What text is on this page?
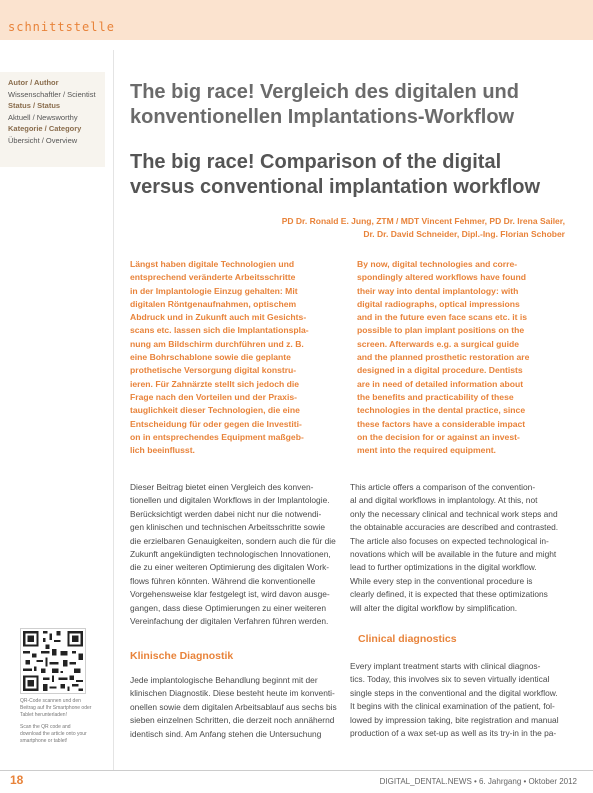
schnittstelle
Autor / Author
Wissenschaftler / Scientist
Status / Status
Aktuell / Newsworthy
Kategorie / Category
Übersicht / Overview
The big race! Vergleich des digitalen und
konventionellen Implantations-Workflow
The big race! Comparison of the digital
versus conventional implantation workflow
PD Dr. Ronald E. Jung, ZTM / MDT Vincent Fehmer, PD Dr. Irena Sailer,
Dr. Dr. David Schneider, Dipl.-Ing. Florian Schober
Längst haben digitale Technologien und
entsprechend veränderte Arbeitsschritte
in der Implantologie Einzug gehalten: Mit
digitalen Röntgenaufnahmen, optischem
Abdruck und in Zukunft auch mit Gesichts-
scans etc. lassen sich die Implantationspla-
nung am Bildschirm durchführen und z. B.
eine Bohrschablone sowie die geplante
prothetische Versorgung digital konstru-
ieren. Für Zahnärzte stellt sich jedoch die
Frage nach den Vorteilen und der Praxis-
tauglichkeit dieser Technologien, die eine
Entscheidung für oder gegen die Investiti-
on in entsprechendes Equipment maßgeb-
lich beeinflusst.
By now, digital technologies and corre-
spondingly altered workflows have found
their way into dental implantology: with
digital radiographs, optical impressions
and in the future even face scans etc. it is
possible to plan implant positions on the
screen. Afterwards e.g. a surgical guide
and the planned prosthetic restoration are
designed in a digital procedure. Dentists
are in need of detailed information about
the benefits and practicability of these
technologies in the dental practice, since
these factors have a considerable impact
on the decision for or against an invest-
ment into the required equipment.
Dieser Beitrag bietet einen Vergleich des konven-
tionellen und digitalen Workflows in der Implantologie.
Berücksichtigt werden dabei nicht nur die notwendi-
gen klinischen und technischen Arbeitsschritte sowie
die erzielbaren Genauigkeiten, sondern auch die für die
Zukunft angekündigten technologischen Innovationen,
die zu einer weiteren Optimierung des digitalen Work-
flows führen könnten. Während die konventionelle
Vorgehensweise klar festgelegt ist, wird davon ausge-
gangen, dass diese Optimierungen zu einer weiteren
Vereinfachung der digitalen Verfahren führen werden.
Klinische Diagnostik
Jede implantologische Behandlung beginnt mit der
klinischen Diagnostik. Diese besteht heute im konventi-
onellen sowie dem digitalen Arbeitsablauf aus sechs bis
sieben einzelnen Schritten, die derzeit noch annähernd
identisch sind. Am Anfang stehen die Untersuchung
This article offers a comparison of the convention-
al and digital workflows in implantology. At this, not
only the necessary clinical and technical work steps and
the obtainable accuracies are described and contrasted.
The article also focuses on expected technological in-
novations which will be available in the future and might
lead to further optimizations in the digital workflow.
While every step in the conventional procedure is
clearly defined, it is expected that these optimizations
will alter the digital workflow by simplification.
Clinical diagnostics
Every implant treatment starts with clinical diagnos-
tics. Today, this involves six to seven virtually identical
single steps in the conventional and the digital workflow.
It begins with the clinical examination of the patient, fol-
lowed by impression taking, bite registration and manual
production of a wax set-up as well as its try-in in the pa-

QR-Code scannen und den Beitrag auf Ihr Smartphone oder Tablet herunterladen!

Scan the QR code and download the article onto your smartphone or tablet!

18	DIGITAL_DENTAL.NEWS • 6. Jahrgang • Oktober 2012
